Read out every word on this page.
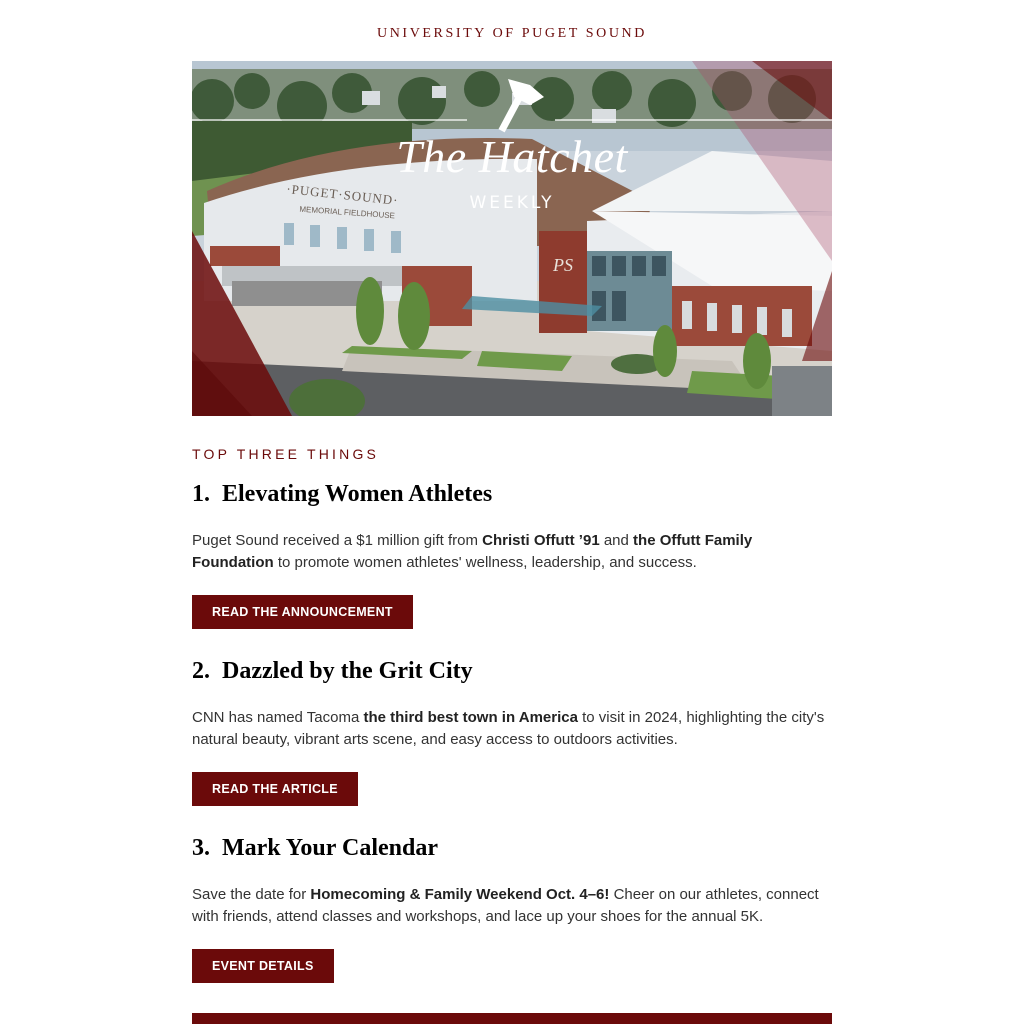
UNIVERSITY OF PUGET SOUND
·PUGET·SOUND·
MEMORIAL FIELDHOUSE
PS
The Hatchet
WEEKLY
TOP THREE THINGS
1. Elevating Women Athletes
Puget Sound received a $1 million gift from Christi Offutt ’91 and the Offutt Family Foundation to promote women athletes' wellness, leadership, and success.
READ THE ANNOUNCEMENT
2. Dazzled by the Grit City
CNN has named Tacoma the third best town in America to visit in 2024, highlighting the city's natural beauty, vibrant arts scene, and easy access to outdoors activities.
READ THE ARTICLE
3. Mark Your Calendar
Save the date for Homecoming & Family Weekend Oct. 4–6! Cheer on our athletes, connect with friends, attend classes and workshops, and lace up your shoes for the annual 5K.
EVENT DETAILS
